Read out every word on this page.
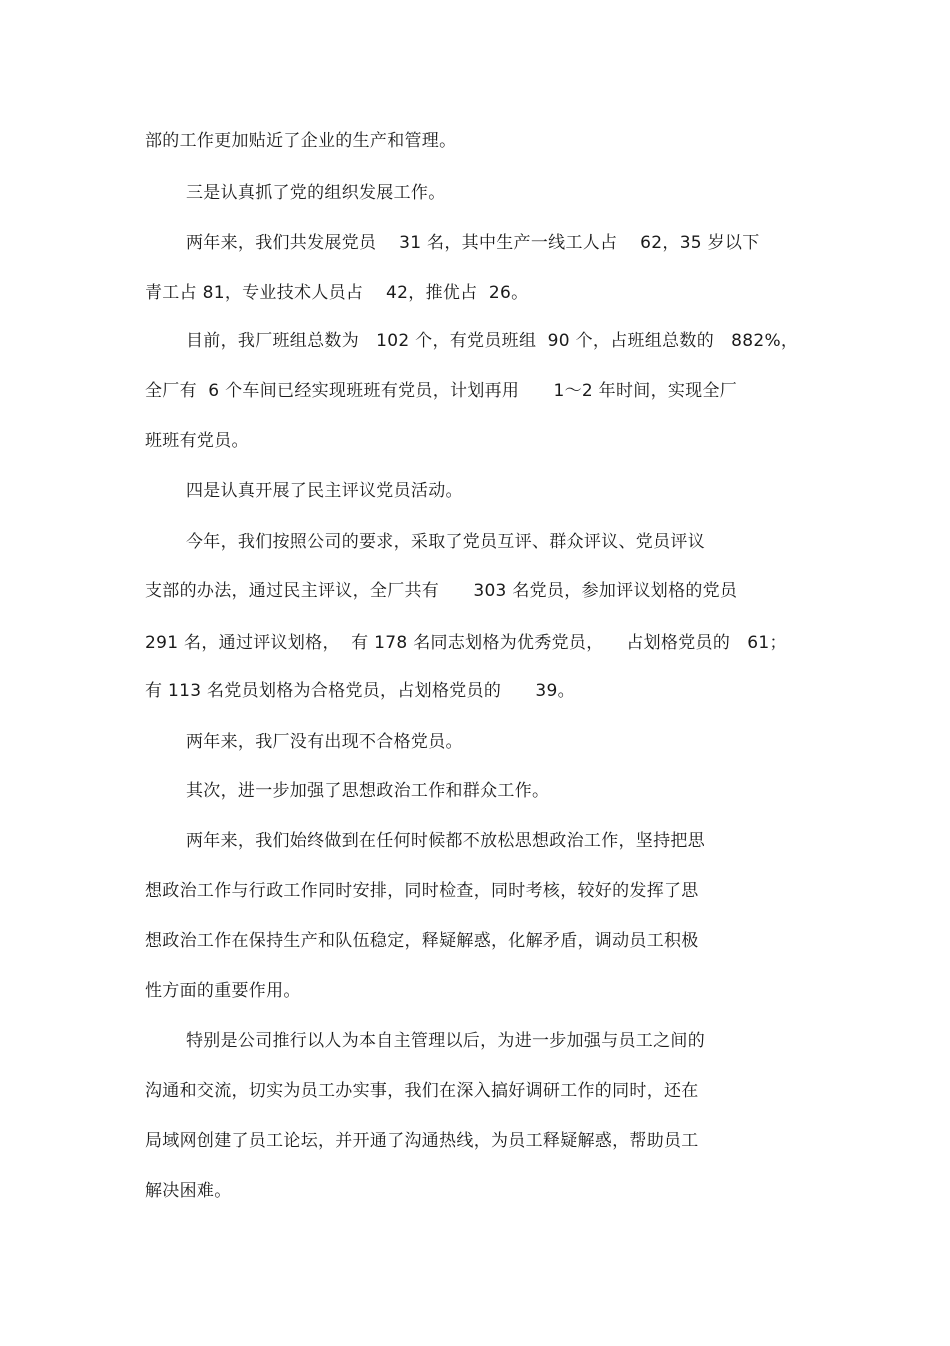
部的工作更加贴近了企业的生产和管理。

三是认真抓了党的组织发展工作。

两年来，我们共发展党员    31 名，其中生产一线工人占    62，35 岁以下

青工占 81，专业技术人员占    42，推优占  26。

目前，我厂班组总数为   102 个，有党员班组  90 个，占班组总数的   882%，

全厂有  6 个车间已经实现班班有党员，计划再用      1～2 年时间，实现全厂

班班有党员。

四是认真开展了民主评议党员活动。

今年，我们按照公司的要求，采取了党员互评、群众评议、党员评议

支部的办法，通过民主评议，全厂共有      303 名党员，参加评议划格的党员

291 名，通过评议划格，  有 178 名同志划格为优秀党员，    占划格党员的   61；

有 113 名党员划格为合格党员，占划格党员的      39。

两年来，我厂没有出现不合格党员。

其次，进一步加强了思想政治工作和群众工作。

两年来，我们始终做到在任何时候都不放松思想政治工作，坚持把思

想政治工作与行政工作同时安排，同时检查，同时考核，较好的发挥了思

想政治工作在保持生产和队伍稳定，释疑解惑，化解矛盾，调动员工积极

性方面的重要作用。

特别是公司推行以人为本自主管理以后，为进一步加强与员工之间的

沟通和交流，切实为员工办实事，我们在深入搞好调研工作的同时，还在

局域网创建了员工论坛，并开通了沟通热线，为员工释疑解惑，帮助员工

解决困难。
